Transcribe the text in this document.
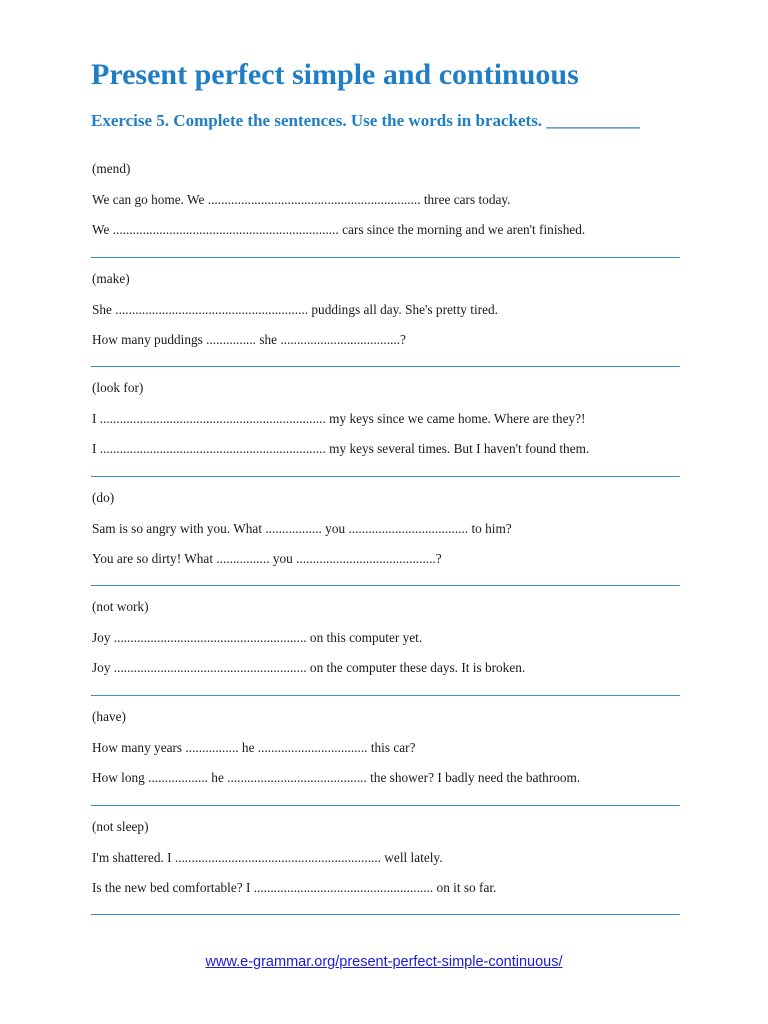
Present perfect simple and continuous
Exercise 5. Complete the sentences. Use the words in brackets. ___________
(mend)
We can go home. We ................................................................ three cars today.
We .................................................................... cars since the morning and we aren't finished.
(make)
She .......................................................... puddings all day. She's pretty tired.
How many puddings ............... she ....................................?
(look for)
I .................................................................... my keys since we came home. Where are they?!
I .................................................................... my keys several times. But I haven't found them.
(do)
Sam is so angry with you. What ................. you .................................... to him?
You are so dirty! What ................ you ..........................................?
(not work)
Joy .......................................................... on this computer yet.
Joy .......................................................... on the computer these days. It is broken.
(have)
How many years ................ he ................................. this car?
How long .................. he .......................................... the shower? I badly need the bathroom.
(not sleep)
I'm shattered. I .............................................................. well lately.
Is the new bed comfortable? I ...................................................... on it so far.
www.e-grammar.org/present-perfect-simple-continuous/
